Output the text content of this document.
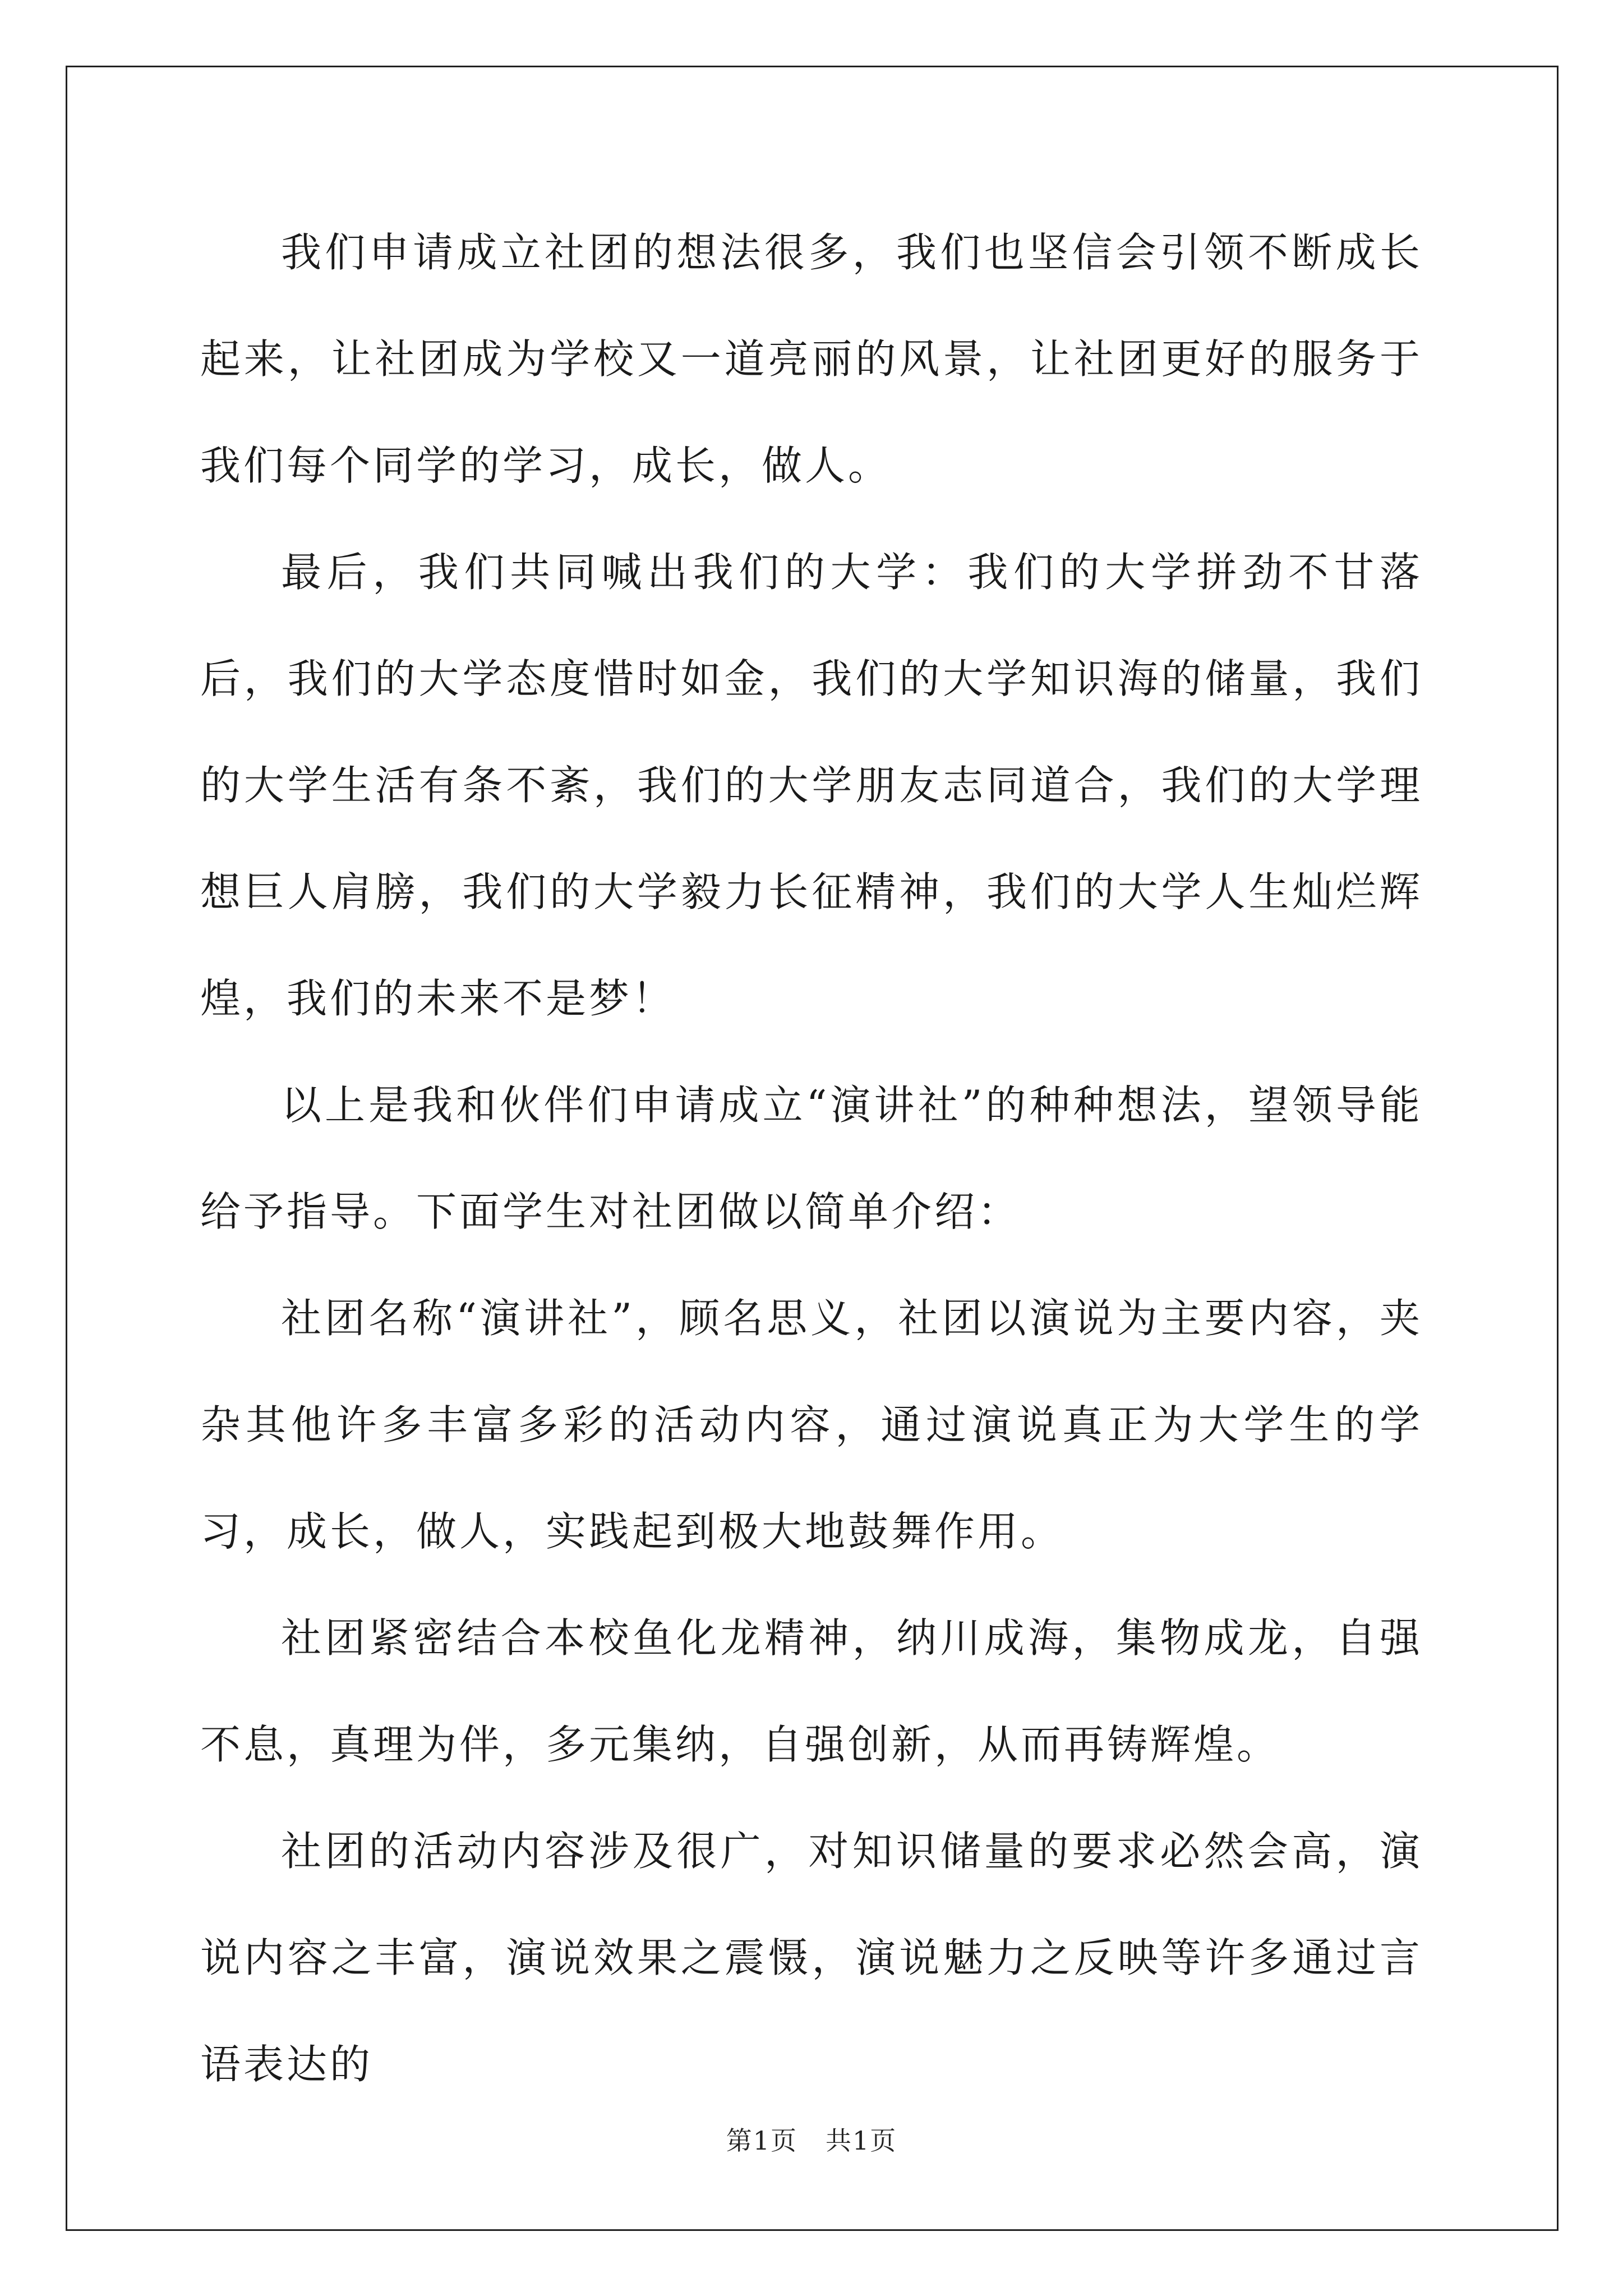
我们申请成立社团的想法很多，我们也坚信会引领不断成长起来，让社团成为学校又一道亮丽的风景，让社团更好的服务于我们每个同学的学习，成长，做人。

最后，我们共同喊出我们的大学：我们的大学拼劲不甘落后，我们的大学态度惜时如金，我们的大学知识海的储量，我们的大学生活有条不紊，我们的大学朋友志同道合，我们的大学理想巨人肩膀，我们的大学毅力长征精神，我们的大学人生灿烂辉煌，我们的未来不是梦！

以上是我和伙伴们申请成立“演讲社”的种种想法，望领导能给予指导。下面学生对社团做以简单介绍：

社团名称“演讲社”，顾名思义，社团以演说为主要内容，夹杂其他许多丰富多彩的活动内容，通过演说真正为大学生的学习，成长，做人，实践起到极大地鼓舞作用。

社团紧密结合本校鱼化龙精神，纳川成海，集物成龙，自强不息，真理为伴，多元集纳，自强创新，从而再铸辉煌。

社团的活动内容涉及很广，对知识储量的要求必然会高，演说内容之丰富，演说效果之震慑，演说魅力之反映等许多通过言语表达的

第1页 共1页
